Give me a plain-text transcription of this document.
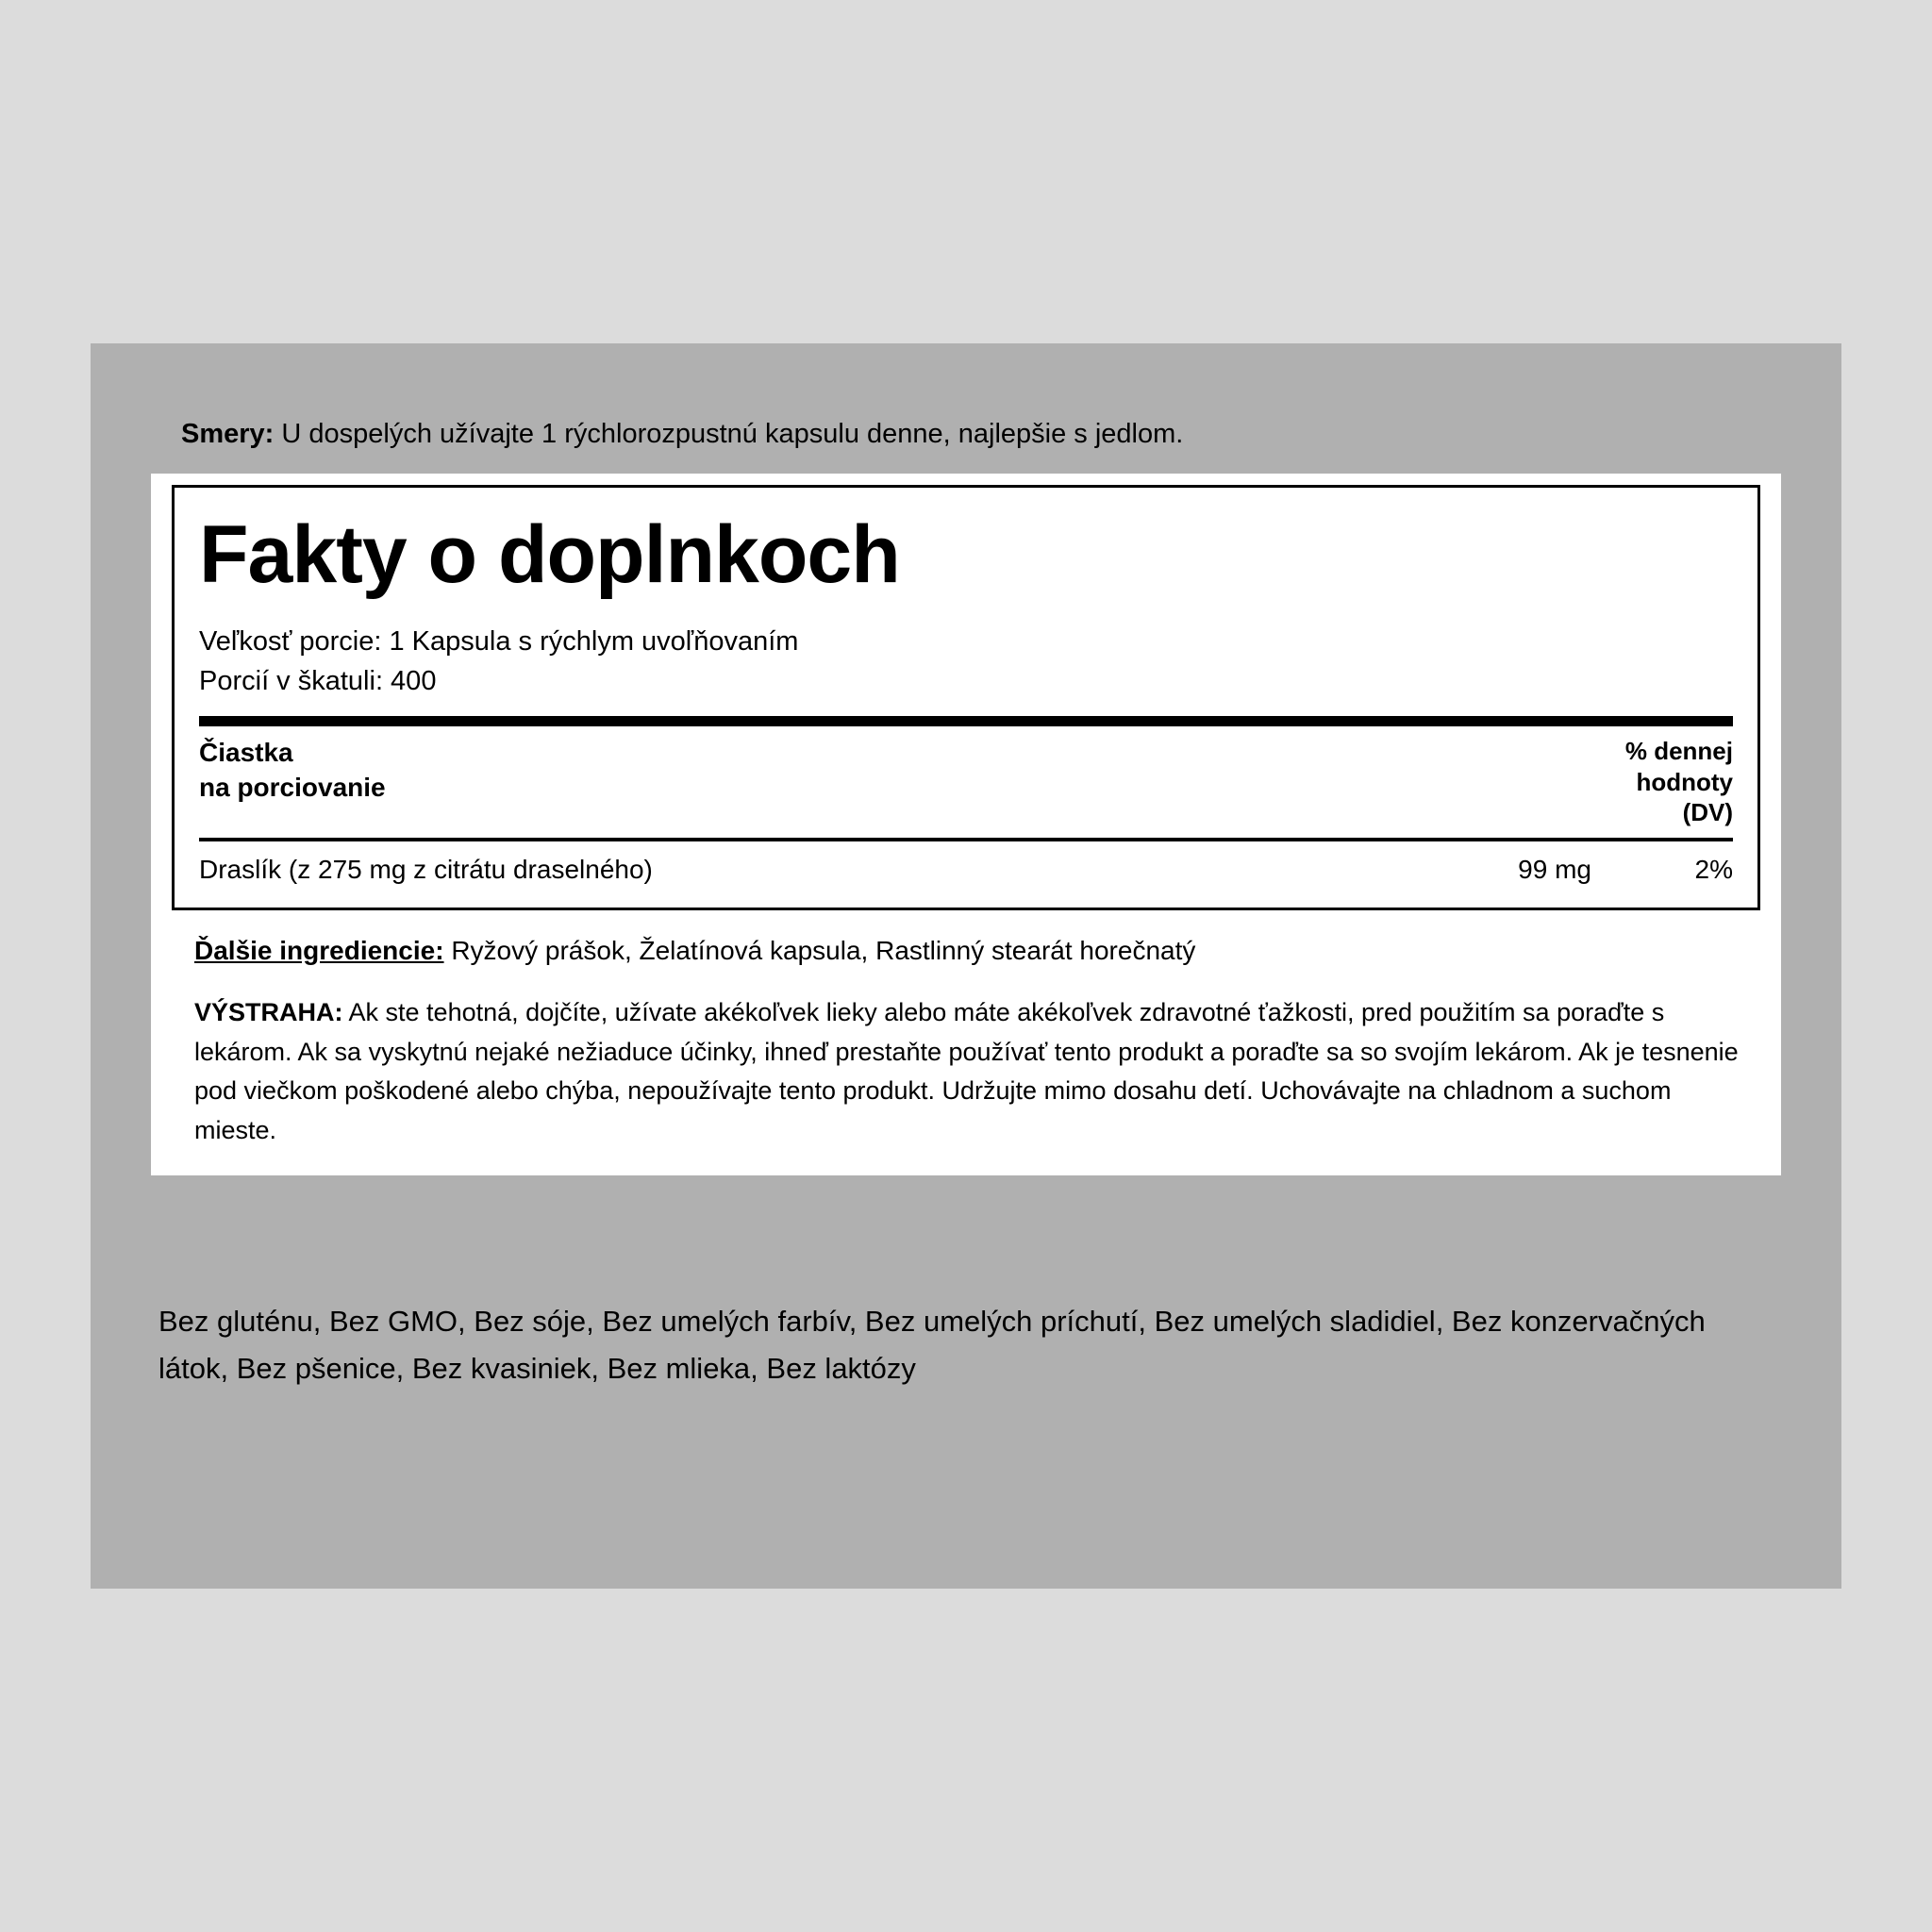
Smery: U dospelých užívajte 1 rýchlorozpustnú kapsulu denne, najlepšie s jedlom.
Fakty o doplnkoch
Veľkosť porcie: 1 Kapsula s rýchlym uvoľňovaním
Porcií v škatuli: 400
Čiastka
na porciovanie
% dennej
hodnoty
(DV)
Draslík (z 275 mg z citrátu draselného)	99 mg	2%
Ďalšie ingrediencie: Ryžový prášok, Želatínová kapsula, Rastlinný stearát horečnatý
VÝSTRAHA: Ak ste tehotná, dojčíte, užívate akékoľvek lieky alebo máte akékoľvek zdravotné ťažkosti, pred použitím sa poraďte s lekárom. Ak sa vyskytnú nejaké nežiaduce účinky, ihneď prestaňte používať tento produkt a poraďte sa so svojím lekárom. Ak je tesnenie pod viečkom poškodené alebo chýba, nepoužívajte tento produkt. Udržujte mimo dosahu detí. Uchovávajte na chladnom a suchom mieste.
Bez gluténu, Bez GMO, Bez sóje, Bez umelých farbív, Bez umelých príchutí, Bez umelých sladidiel, Bez konzervačných látok, Bez pšenice, Bez kvasiniek, Bez mlieka, Bez laktózy
